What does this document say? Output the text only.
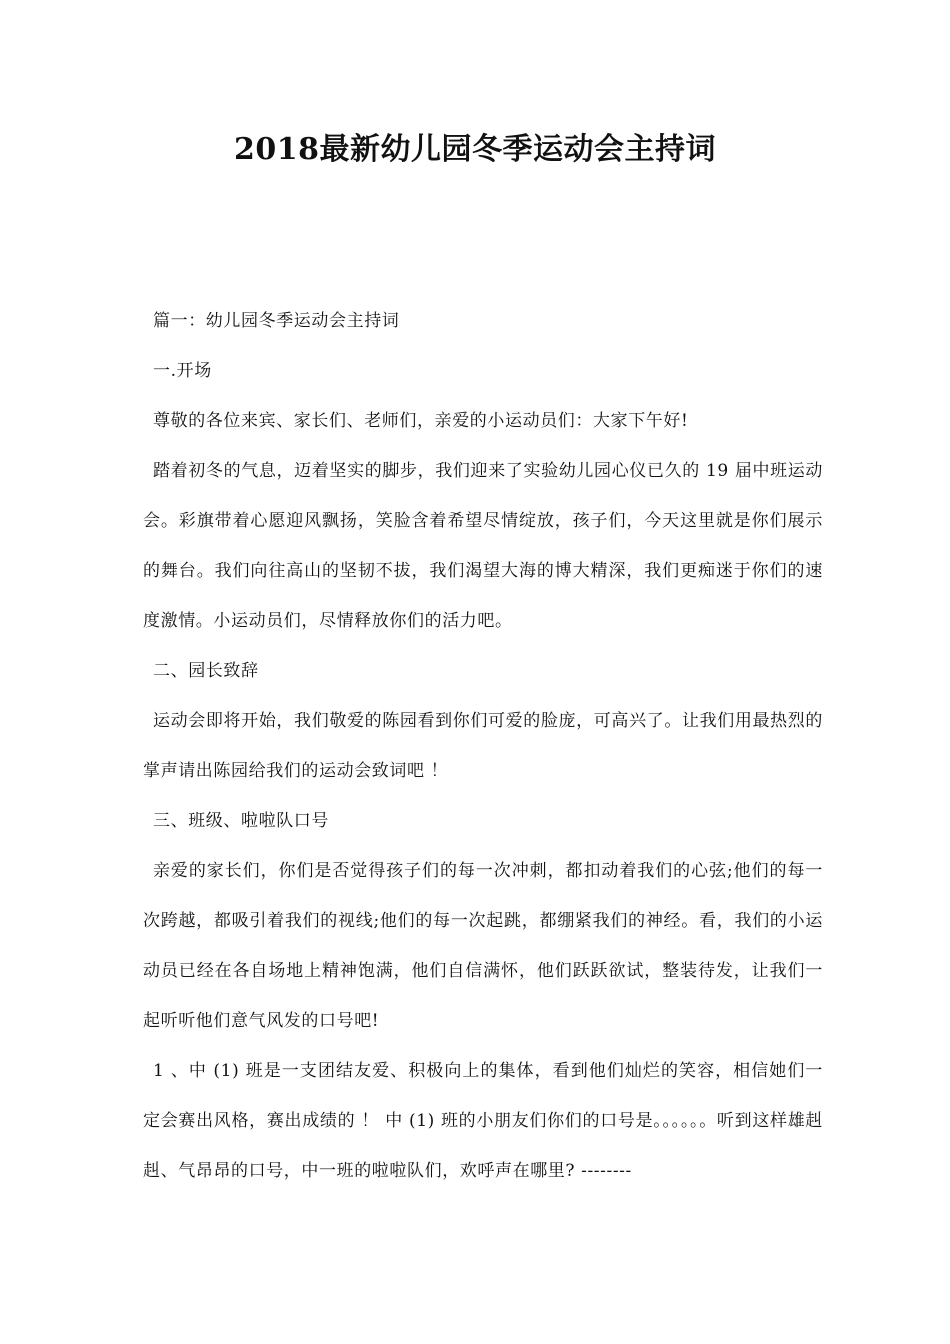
2018最新幼儿园冬季运动会主持词

篇一：幼儿园冬季运动会主持词

一.开场

尊敬的各位来宾、家长们、老师们，亲爱的小运动员们：大家下午好!

踏着初冬的气息，迈着坚实的脚步，我们迎来了实验幼儿园心仪已久的 19 届中班运动会。彩旗带着心愿迎风飘扬，笑脸含着希望尽情绽放，孩子们，今天这里就是你们展示的舞台。我们向往高山的坚韧不拔，我们渴望大海的博大精深，我们更痴迷于你们的速度激情。小运动员们，尽情释放你们的活力吧。

二、园长致辞

运动会即将开始，我们敬爱的陈园看到你们可爱的脸庞，可高兴了。让我们用最热烈的掌声请出陈园给我们的运动会致词吧 ！

三、班级、啦啦队口号

亲爱的家长们，你们是否觉得孩子们的每一次冲刺，都扣动着我们的心弦;他们的每一次跨越，都吸引着我们的视线;他们的每一次起跳，都绷紧我们的神经。看，我们的小运动员已经在各自场地上精神饱满，他们自信满怀，他们跃跃欲试，整装待发，让我们一起听听他们意气风发的口号吧!

1 、中 (1) 班是一支团结友爱、积极向上的集体，看到他们灿烂的笑容，相信她们一定会赛出风格，赛出成绩的 ！ 中 (1) 班的小朋友们你们的口号是。。。。。。听到这样雄赳赳、气昂昂的口号，中一班的啦啦队们，欢呼声在哪里? --------
